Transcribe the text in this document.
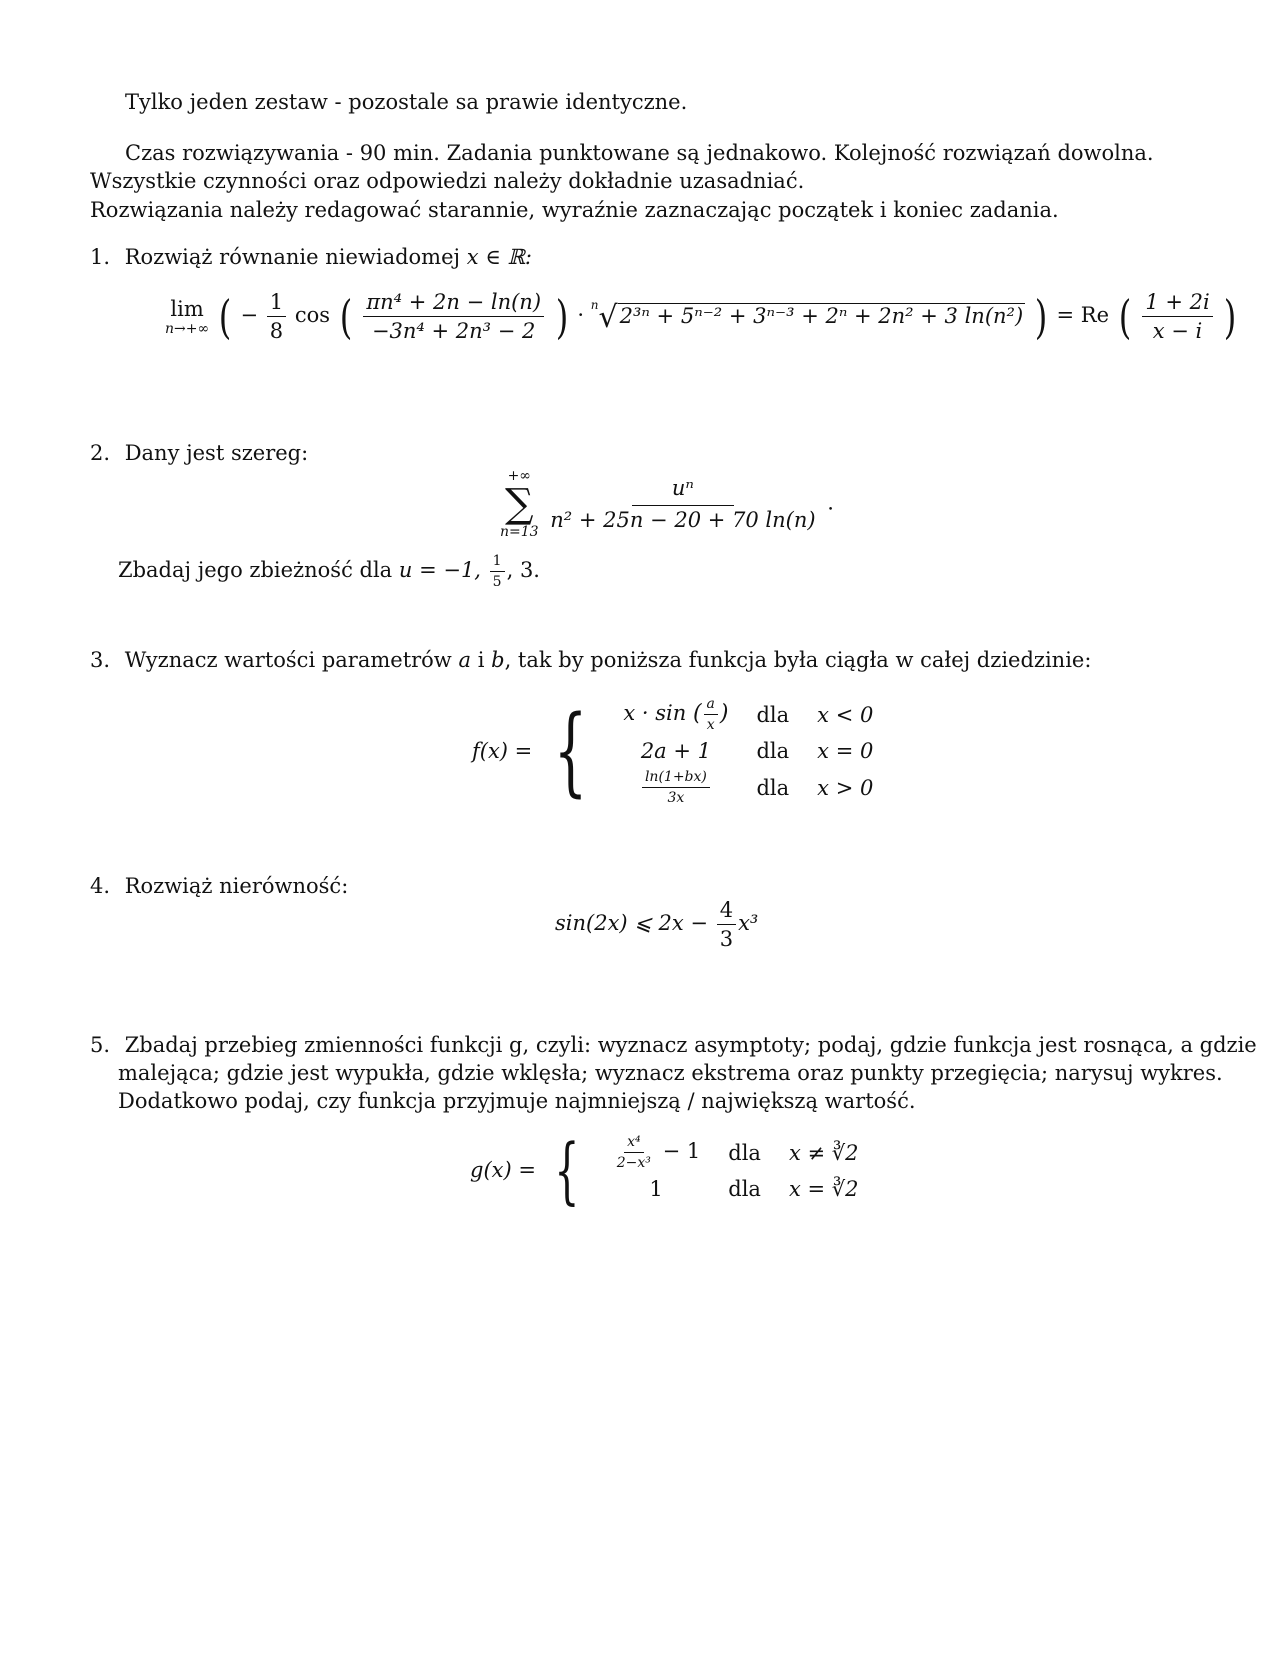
Tylko jeden zestaw - pozostale sa prawie identyczne.

Czas rozwiązywania - 90 min. Zadania punktowane są jednakowo. Kolejność rozwiązań dowolna.

Wszystkie czynności oraz odpowiedzi należy dokładnie uzasadniać.

Rozwiązania należy redagować starannie, wyraźnie zaznaczając początek i koniec zadania.

1. Rozwiąż równanie niewiadomej x ∈ ℝ:
lim
n→+∞ ( − $\frac{1}{8}$ cos ( $\frac{\text{πn⁴ + 2n − ln(n)}}{\text{−3n⁴ + 2n³ − 2}}$ ) · $^n$√2³ⁿ + 5ⁿ⁻² + 3ⁿ⁻³ + 2ⁿ + 2n² + 3 ln(n²) ) = Re ( $\frac{1 + 2i}{x - i}$ )
2. Dany jest szereg:
+∞
∑
n=13

$\frac{\text{uⁿ}}{\text{n² + 25n − 20 + 70 ln(n)}}$ .
Zbadaj jego zbieżność dla u = −1, $\frac{1}{5}$ , 3.
3. Wyznacz wartości parametrów a i b, tak by poniższa funkcja była ciągła w całej dziedzinie:
f(x) = { x · sin ( $\frac{a}{x}$ )	dla	x < 0
2a + 1	dla	x = 0

$\frac{\ln(1+bx)}{3x}$	dla	x > 0
4. Rozwiąż nierówność:
sin(2x) ⩽ $2x - \frac{4}{3} x^3$
5. Zbadaj przebieg zmienności funkcji g, czyli: wyznacz asymptoty; podaj, gdzie funkcja jest rosnąca, a gdzie
malejąca; gdzie jest wypukła, gdzie wklęsła; wyznacz ekstrema oraz punkty przegięcia; narysuj wykres.
Dodatkowo podaj, czy funkcja przyjmuje najmniejszą / największą wartość.
g(x) = { $\frac{\text{x⁴}}{\text{2−x³}} - 1$	dla	x ≠ ∛2
1	dla	x = ∛2
